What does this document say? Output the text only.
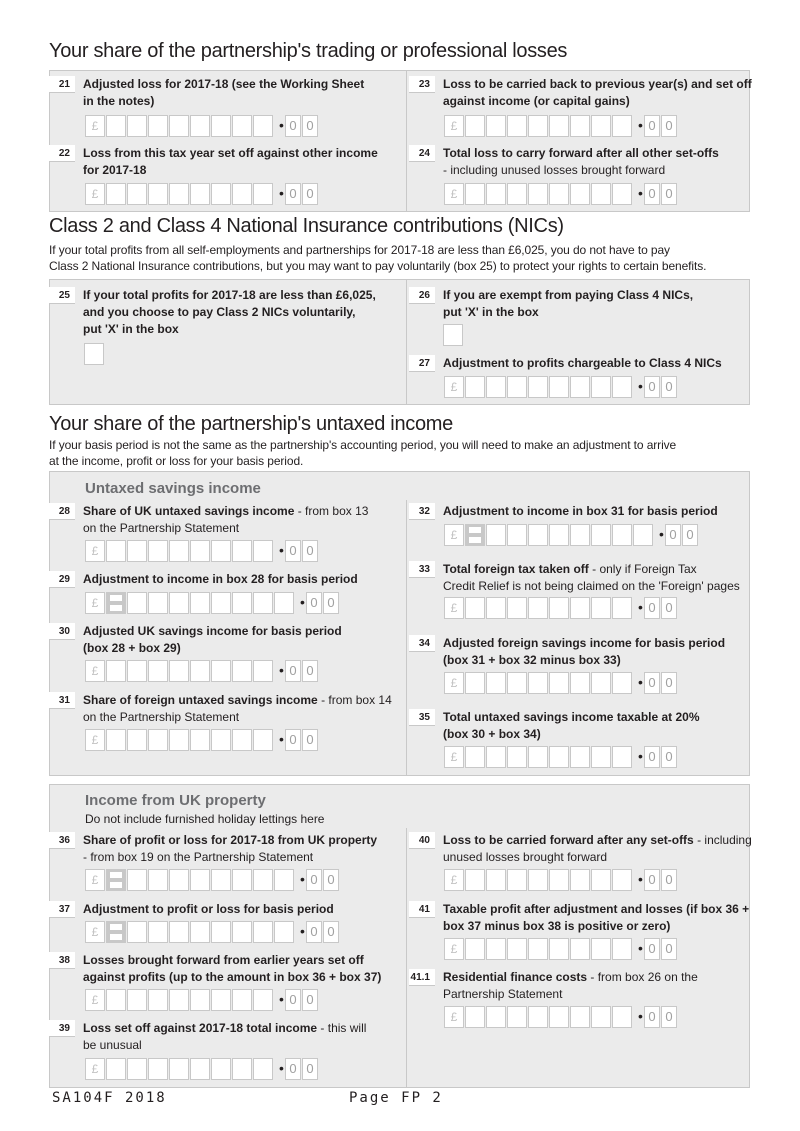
Your share of the partnership's trading or professional losses
21	Adjusted loss for 2017-18 (see the Working Sheet
in the notes)
£	• 0 0
22	Loss from this tax year set off against other income
for 2017-18
£	• 0 0
23	Loss to be carried back to previous year(s) and set off
against income (or capital gains)
£	• 0 0
24	Total loss to carry forward after all other set-offs
- including unused losses brought forward
£	• 0 0
Class 2 and Class 4 National Insurance contributions (NICs)
If your total profits from all self-employments and partnerships for 2017-18 are less than £6,025, you do not have to pay
Class 2 National Insurance contributions, but you may want to pay voluntarily (box 25) to protect your rights to certain benefits.
25	If your total profits for 2017-18 are less than £6,025,
and you choose to pay Class 2 NICs voluntarily,
put 'X' in the box
26	If you are exempt from paying Class 4 NICs,
put 'X' in the box
27	Adjustment to profits chargeable to Class 4 NICs
£	• 0 0
Your share of the partnership's untaxed income
If your basis period is not the same as the partnership's accounting period, you will need to make an adjustment to arrive
at the income, profit or loss for your basis period.
Untaxed savings income
28	Share of UK untaxed savings income - from box 13
on the Partnership Statement
£	• 0 0
29	Adjustment to income in box 28 for basis period
£	• 0 0
30	Adjusted UK savings income for basis period
(box 28 + box 29)
£	• 0 0
31	Share of foreign untaxed savings income - from box 14
on the Partnership Statement
£	• 0 0
32	Adjustment to income in box 31 for basis period
£	• 0 0
33	Total foreign tax taken off - only if Foreign Tax
Credit Relief is not being claimed on the 'Foreign' pages
£	• 0 0
34	Adjusted foreign savings income for basis period
(box 31 + box 32 minus box 33)
£	• 0 0
35	Total untaxed savings income taxable at 20%
(box 30 + box 34)
£	• 0 0
Income from UK property
Do not include furnished holiday lettings here
36	Share of profit or loss for 2017-18 from UK property
- from box 19 on the Partnership Statement
£	• 0 0
37	Adjustment to profit or loss for basis period
£	• 0 0
38	Losses brought forward from earlier years set off
against profits (up to the amount in box 36 + box 37)
£	• 0 0
39	Loss set off against 2017-18 total income - this will
be unusual
£	• 0 0
40	Loss to be carried forward after any set-offs - including
unused losses brought forward
£	• 0 0
41	Taxable profit after adjustment and losses (if box 36 +
box 37 minus box 38 is positive or zero)
£	• 0 0
41.1	Residential finance costs - from box 26 on the
Partnership Statement
£	• 0 0
SA104F 2018	Page FP 2
